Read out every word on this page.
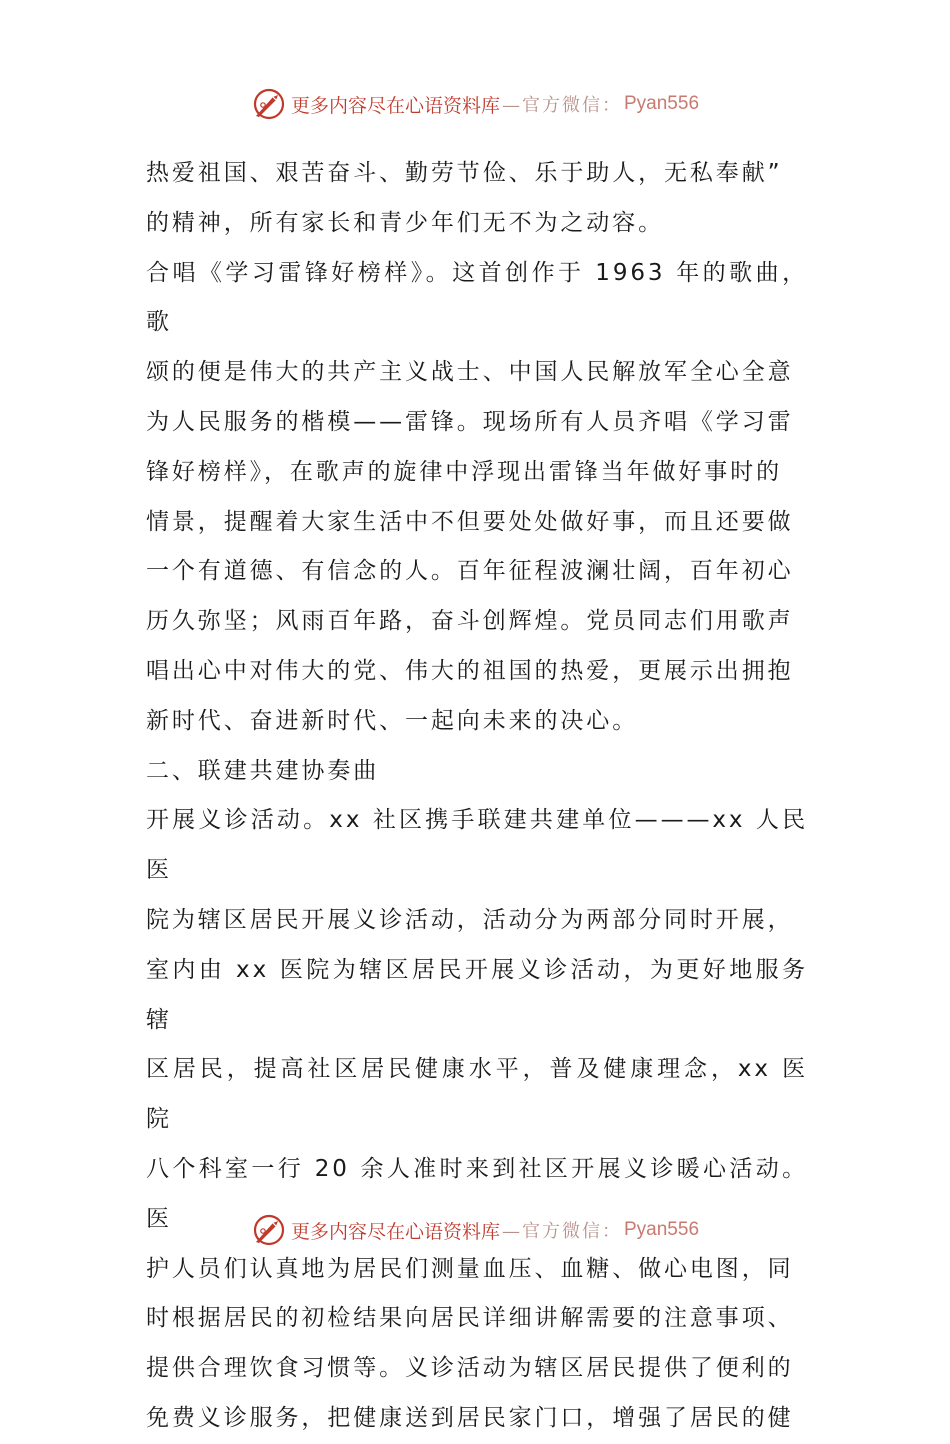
更多内容尽在心语资料库 —官方微信： Pyan556

热爱祖国、艰苦奋斗、勤劳节俭、乐于助人，无私奉献”

的精神，所有家长和青少年们无不为之动容。

合唱《学习雷锋好榜样》。这首创作于 1963 年的歌曲，歌

颂的便是伟大的共产主义战士、中国人民解放军全心全意

为人民服务的楷模——雷锋。现场所有人员齐唱《学习雷

锋好榜样》，在歌声的旋律中浮现出雷锋当年做好事时的

情景，提醒着大家生活中不但要处处做好事，而且还要做

一个有道德、有信念的人。百年征程波澜壮阔，百年初心

历久弥坚；风雨百年路，奋斗创辉煌。党员同志们用歌声

唱出心中对伟大的党、伟大的祖国的热爱，更展示出拥抱

新时代、奋进新时代、一起向未来的决心。

二、联建共建协奏曲

开展义诊活动。xx 社区携手联建共建单位———xx 人民医

院为辖区居民开展义诊活动，活动分为两部分同时开展，

室内由 xx 医院为辖区居民开展义诊活动，为更好地服务辖

区居民，提高社区居民健康水平，普及健康理念，xx 医院

八个科室一行 20 余人准时来到社区开展义诊暖心活动。医

护人员们认真地为居民们测量血压、血糖、做心电图，同

时根据居民的初检结果向居民详细讲解需要的注意事项、

提供合理饮食习惯等。义诊活动为辖区居民提供了便利的

免费义诊服务，把健康送到居民家门口，增强了居民的健

更多内容尽在心语资料库 —官方微信： Pyan556
